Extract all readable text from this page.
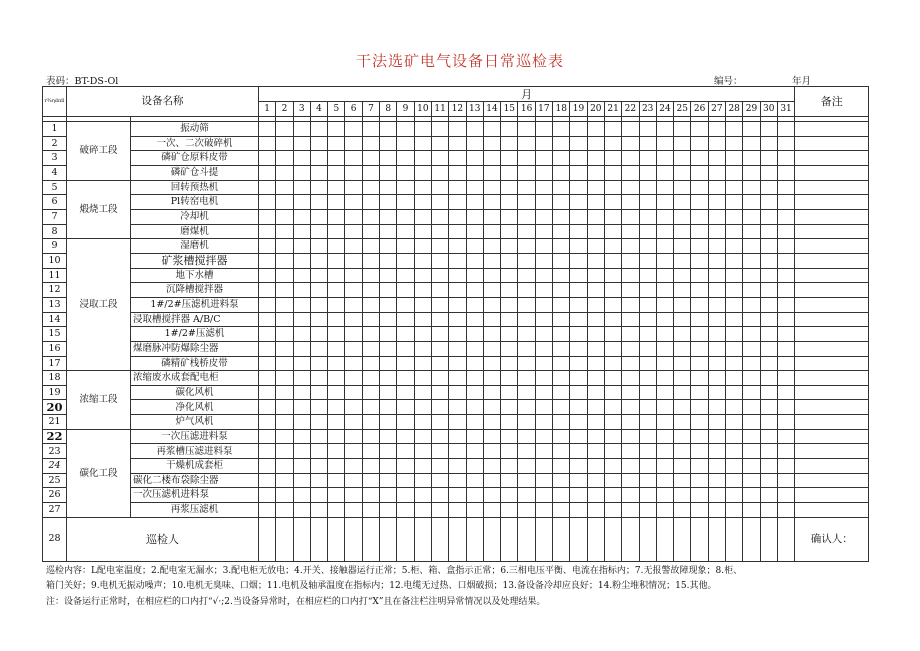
干法选矿电气设备日常巡检表
表码：BT-DS-Ol	编号：	年月
r¾ηdπll	设备名称		月																															备注
			1	2	3	4	5	6	7	8	9	10	11	12	13	14	15	16	17	18	19	20	21	22	23	24	25	26	27	28	29	30	31	

1	破碎工段	振动筛																																
2		一次、二次破碎机																																
3		磷矿仓原料皮带																																
4		磷矿仓斗提																																
5	煅烧工段	回转预热机																																
6		Pl转窑电机																																
7		冷却机																																
8		磨煤机																																
9	浸取工段	湿磨机																																
10		矿浆槽搅拌器																																
11		地下水槽																																
12		沉降槽搅拌器																																
13		1#/2#压滤机进料泵																																
14		浸取槽搅拌器 A/B/C																																
15		1#/2#压滤机																																
16		煤磨脉冲防爆除尘器																																
17		磷精矿栈桥皮带																																
18	浓缩工段	浓缩废水成套配电柜																																
19		碳化风机																																
20		净化风机																																
21		炉气风机																																
22	碳化工段	一次压滤进料泵																																
23		再浆槽压滤进料泵																																
24		干燥机成套柜																																
25		碳化二楼布袋除尘器																																
26		一次压滤机进料泵																																
27		再浆压滤机																																
28	巡检人																																	确认人：
巡检内容：L配电室温度；2.配电室无漏水；3.配电柜无放电；4.开关、接触器运行正常；5.柜、箱、盒指示正常；6.三相电压平衡、电流在指标内；7.无报警故障现象；8.柜、
箱门关好；9.电机无振动噪声；10.电机无臭味、口烟；11.电机及轴承温度在指标内；12.电缆无过热、口烟破损；13.备设备冷却应良好；14.粉尘堆积情况；15.其他。
注：设备运行正常时，在相应栏的口内打“√·;2.当设备异常时，在相应栏的口内打“X”且在备注栏注明异常情况以及处理结果。
